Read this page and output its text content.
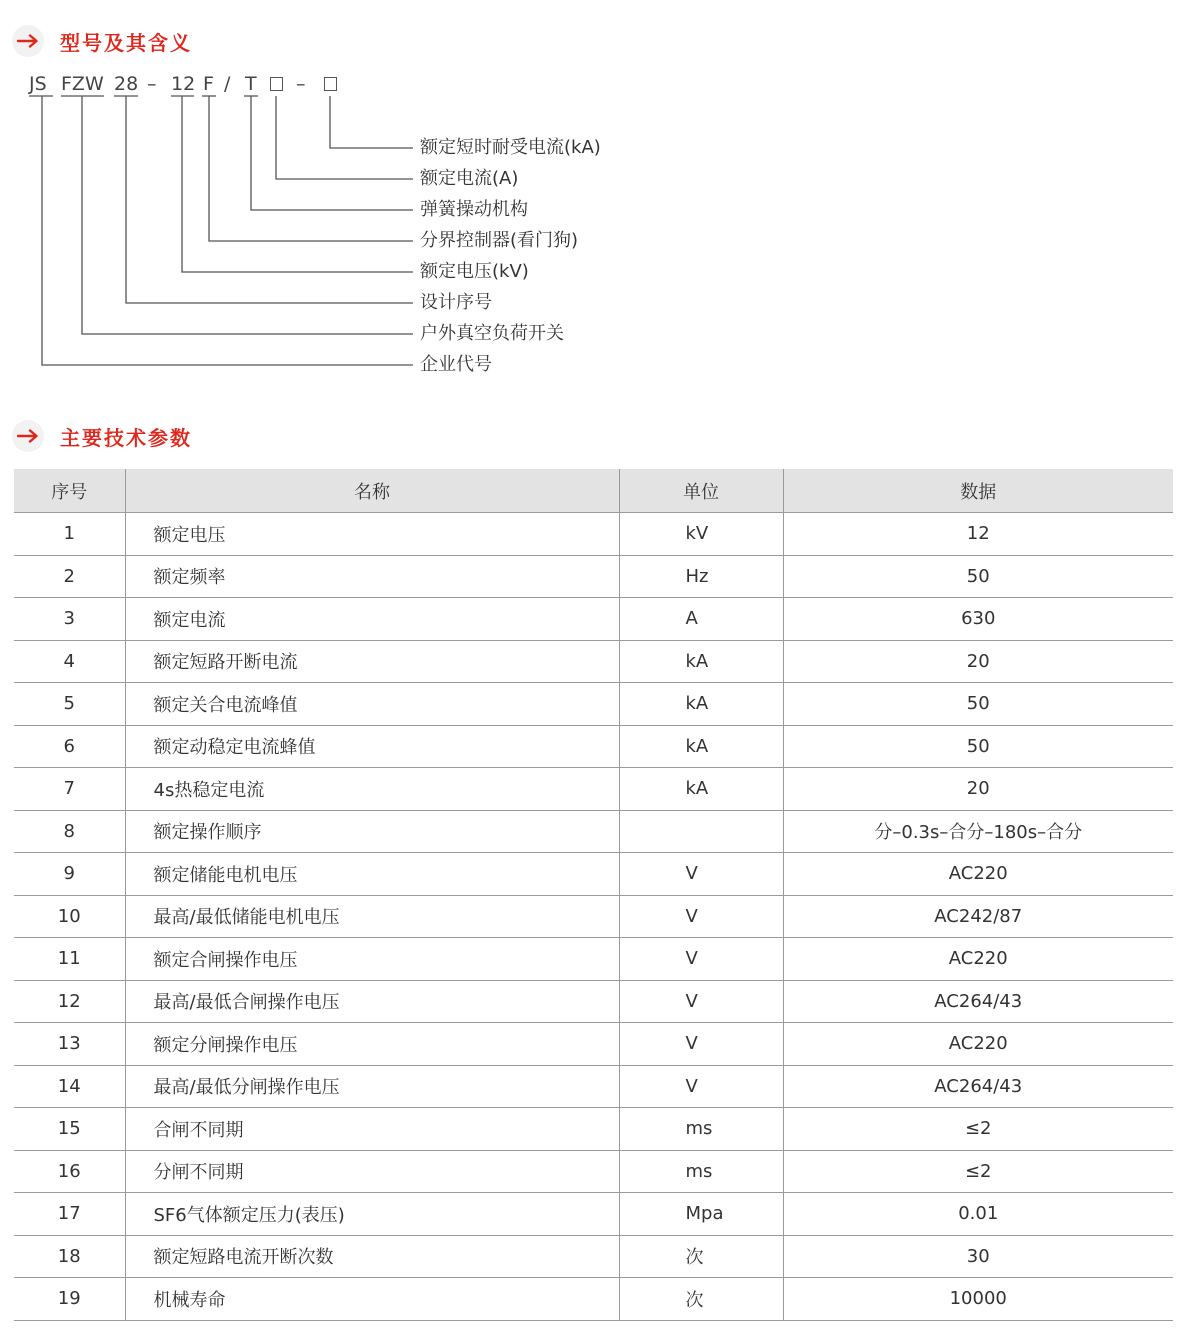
型号及其含义
JS FZW 28 – 12 F / T –
额定短时耐受电流(kA)
额定电流(A)
弹簧操动机构
分界控制器(看门狗)
额定电压(kV)
设计序号
户外真空负荷开关
企业代号
主要技术参数
序号	名称	单位	数据
1	额定电压	kV	12
2	额定频率	Hz	50
3	额定电流	A	630
4	额定短路开断电流	kA	20
5	额定关合电流峰值	kA	50
6	额定动稳定电流蜂值	kA	50
7	4s热稳定电流	kA	20
8	额定操作顺序		分–0.3s–合分–180s–合分
9	额定储能电机电压	V	AC220
10	最高/最低储能电机电压	V	AC242/87
11	额定合闸操作电压	V	AC220
12	最高/最低合闸操作电压	V	AC264/43
13	额定分闸操作电压	V	AC220
14	最高/最低分闸操作电压	V	AC264/43
15	合闸不同期	ms	≤2
16	分闸不同期	ms	≤2
17	SF6气体额定压力(表压)	Mpa	0.01
18	额定短路电流开断次数	次	30
19	机械寿命	次	10000
